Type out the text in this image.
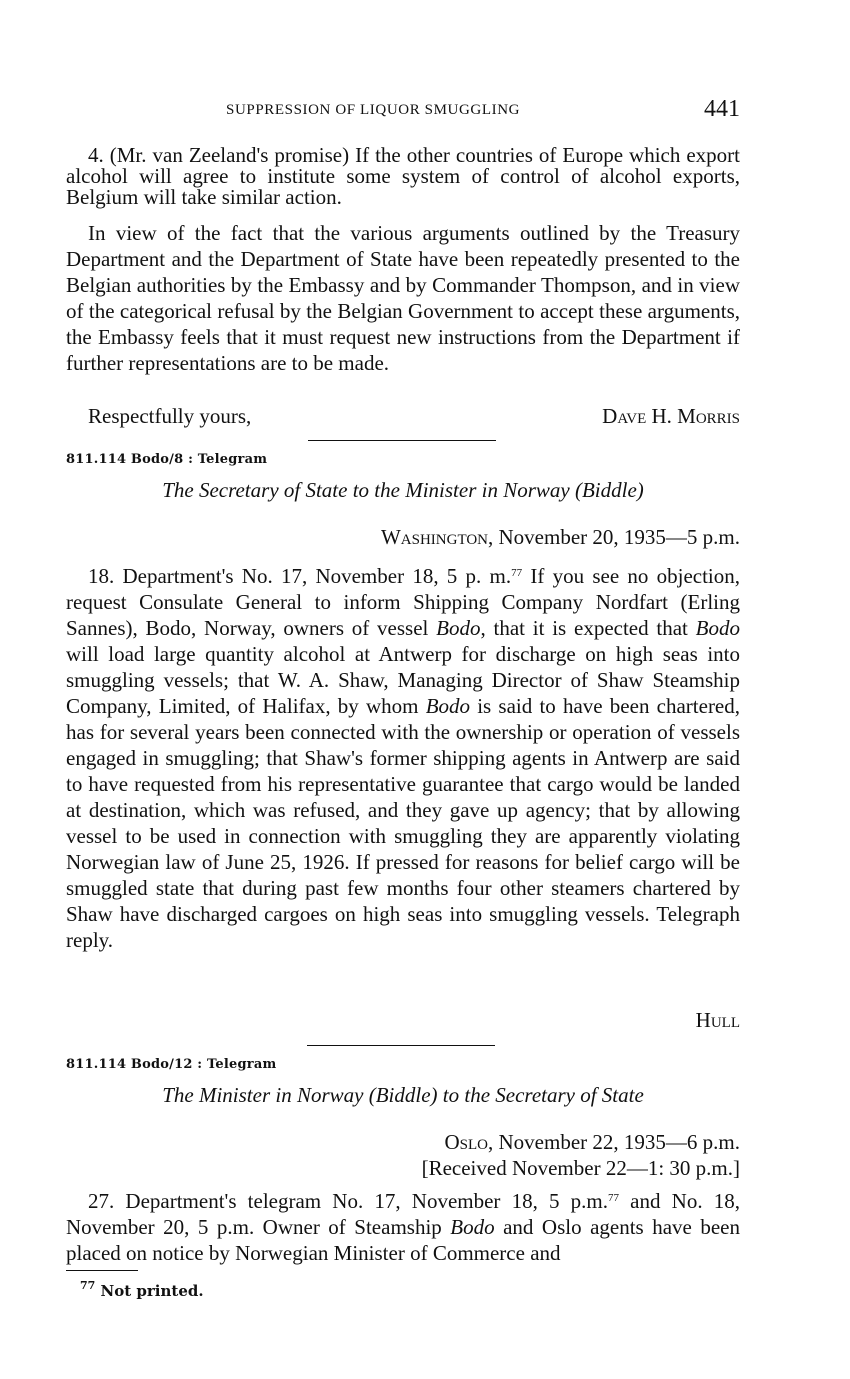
SUPPRESSION OF LIQUOR SMUGGLING	441

4. (Mr. van Zeeland's promise) If the other countries of Europe which export alcohol will agree to institute some system of control of alcohol exports, Belgium will take similar action.

In view of the fact that the various arguments outlined by the Treasury Department and the Department of State have been repeatedly presented to the Belgian authorities by the Embassy and by Commander Thompson, and in view of the categorical refusal by the Belgian Government to accept these arguments, the Embassy feels that it must request new instructions from the Department if further representations are to be made.

Respectfully yours,	Dave H. Morris
811.114 Bodo/8 : Telegram
The Secretary of State to the Minister in Norway (Biddle)
Washington, November 20, 1935—5 p.m.

18. Department's No. 17, November 18, 5 p. m.$^{77}$ If you see no objection, request Consulate General to inform Shipping Company Nordfart (Erling Sannes), Bodo, Norway, owners of vessel Bodo, that it is expected that Bodo will load large quantity alcohol at Antwerp for discharge on high seas into smuggling vessels; that W. A. Shaw, Managing Director of Shaw Steamship Company, Limited, of Halifax, by whom Bodo is said to have been chartered, has for several years been connected with the ownership or operation of vessels engaged in smuggling; that Shaw's former shipping agents in Antwerp are said to have requested from his representative guarantee that cargo would be landed at destination, which was refused, and they gave up agency; that by allowing vessel to be used in connection with smuggling they are apparently violating Norwegian law of June 25, 1926. If pressed for reasons for belief cargo will be smuggled state that during past few months four other steamers chartered by Shaw have discharged cargoes on high seas into smuggling vessels. Telegraph reply.

Hull
811.114 Bodo/12 : Telegram
The Minister in Norway (Biddle) to the Secretary of State
Oslo, November 22, 1935—6 p.m.
[Received November 22—1: 30 p.m.]

27. Department's telegram No. 17, November 18, 5 p.m.$^{77}$ and No. 18, November 20, 5 p.m. Owner of Steamship Bodo and Oslo agents have been placed on notice by Norwegian Minister of Commerce and

$^{77}$ Not printed.
